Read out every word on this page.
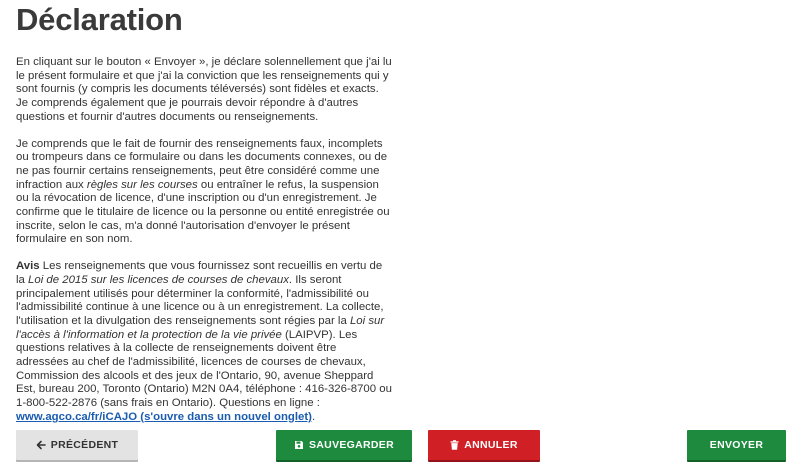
Déclaration

En cliquant sur le bouton « Envoyer », je déclare solennellement que j'ai lu le présent formulaire et que j'ai la conviction que les renseignements qui y sont fournis (y compris les documents téléversés) sont fidèles et exacts. Je comprends également que je pourrais devoir répondre à d'autres questions et fournir d'autres documents ou renseignements.

Je comprends que le fait de fournir des renseignements faux, incomplets ou trompeurs dans ce formulaire ou dans les documents connexes, ou de ne pas fournir certains renseignements, peut être considéré comme une infraction aux règles sur les courses ou entraîner le refus, la suspension ou la révocation de licence, d'une inscription ou d'un enregistrement. Je confirme que le titulaire de licence ou la personne ou entité enregistrée ou inscrite, selon le cas, m'a donné l'autorisation d'envoyer le présent formulaire en son nom.

Avis Les renseignements que vous fournissez sont recueillis en vertu de la Loi de 2015 sur les licences de courses de chevaux. Ils seront principalement utilisés pour déterminer la conformité, l'admissibilité ou l'admissibilité continue à une licence ou à un enregistrement. La collecte, l'utilisation et la divulgation des renseignements sont régies par la Loi sur l'accès à l'information et la protection de la vie privée (LAIPVP). Les questions relatives à la collecte de renseignements doivent être adressées au chef de l'admissibilité, licences de courses de chevaux, Commission des alcools et des jeux de l'Ontario, 90, avenue Sheppard Est, bureau 200, Toronto (Ontario) M2N 0A4, téléphone : 416-326-8700 ou 1-800-522-2876 (sans frais en Ontario). Questions en ligne : www.agco.ca/fr/iCAJO (s'ouvre dans un nouvel onglet).

PRÉCÉDENT	SAUVEGARDER	ANNULER	ENVOYER
